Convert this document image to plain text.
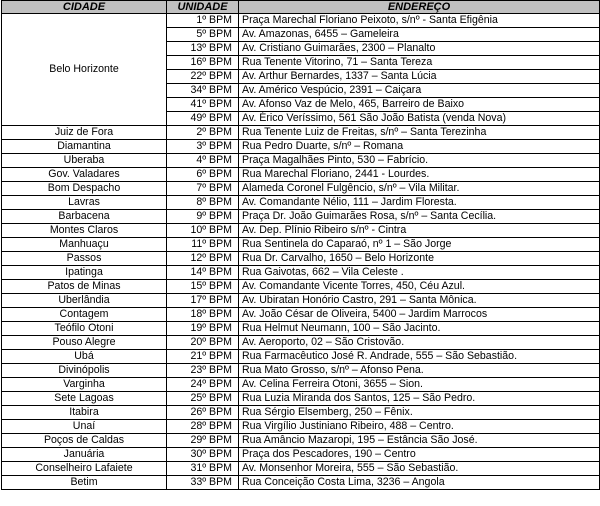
CIDADE	UNIDADE	ENDEREÇO
Belo Horizonte	1º BPM	Praça Marechal Floriano Peixoto, s/nº - Santa Efigênia
	5º BPM	Av. Amazonas, 6455 – Gameleira
	13º BPM	Av. Cristiano Guimarães, 2300 – Planalto
	16º BPM	Rua Tenente Vitorino, 71 – Santa Tereza
	22º BPM	Av. Arthur Bernardes, 1337 – Santa Lúcia
	34º BPM	Av. Américo Vespúcio, 2391 – Caiçara
	41º BPM	Av. Afonso Vaz de Melo, 465, Barreiro de Baixo
	49º BPM	Av. Érico Veríssimo, 561 São João Batista (venda Nova)
Juiz de Fora	2º BPM	Rua Tenente Luiz de Freitas, s/nº – Santa Terezinha
Diamantina	3º BPM	Rua Pedro Duarte, s/nº – Romana
Uberaba	4º BPM	Praça Magalhães Pinto, 530 – Fabrício.
Gov. Valadares	6º BPM	Rua Marechal Floriano, 2441 - Lourdes.
Bom Despacho	7º BPM	Alameda Coronel Fulgêncio, s/nº – Vila Militar.
Lavras	8º BPM	Av. Comandante Nélio, 111 – Jardim Floresta.
Barbacena	9º BPM	Praça Dr. João Guimarães Rosa, s/nº – Santa Cecília.
Montes Claros	10º BPM	Av. Dep. Plínio Ribeiro s/nº - Cintra
Manhuaçu	11º BPM	Rua Sentinela do Caparaó, nº 1 – São Jorge
Passos	12º BPM	Rua Dr. Carvalho, 1650 – Belo Horizonte
Ipatinga	14º BPM	Rua Gaivotas, 662 – Vila Celeste .
Patos de Minas	15º BPM	Av. Comandante Vicente Torres, 450, Céu Azul.
Uberlândia	17º BPM	Av. Ubiratan Honório Castro, 291 – Santa Mônica.
Contagem	18º BPM	Av. João César de Oliveira, 5400 – Jardim Marrocos
Teófilo Otoni	19º BPM	Rua Helmut Neumann, 100 – São Jacinto.
Pouso Alegre	20º BPM	Av. Aeroporto, 02 – São Cristovão.
Ubá	21º BPM	Rua Farmacêutico José R. Andrade, 555 – São Sebastião.
Divinópolis	23º BPM	Rua Mato Grosso, s/nº – Afonso Pena.
Varginha	24º BPM	Av. Celina Ferreira Otoni, 3655 – Sion.
Sete Lagoas	25º BPM	Rua Luzia Miranda dos Santos, 125 – São Pedro.
Itabira	26º BPM	Rua Sérgio Elsemberg, 250 – Fênix.
Unaí	28º BPM	Rua Virgílio Justiniano Ribeiro, 488 – Centro.
Poços de Caldas	29º BPM	Rua Amâncio Mazaropi, 195 – Estância São José.
Januária	30º BPM	Praça dos Pescadores, 190 – Centro
Conselheiro Lafaiete	31º BPM	Av. Monsenhor Moreira, 555 – São Sebastião.
Betim	33º BPM	Rua Conceição Costa Lima, 3236 – Angola
